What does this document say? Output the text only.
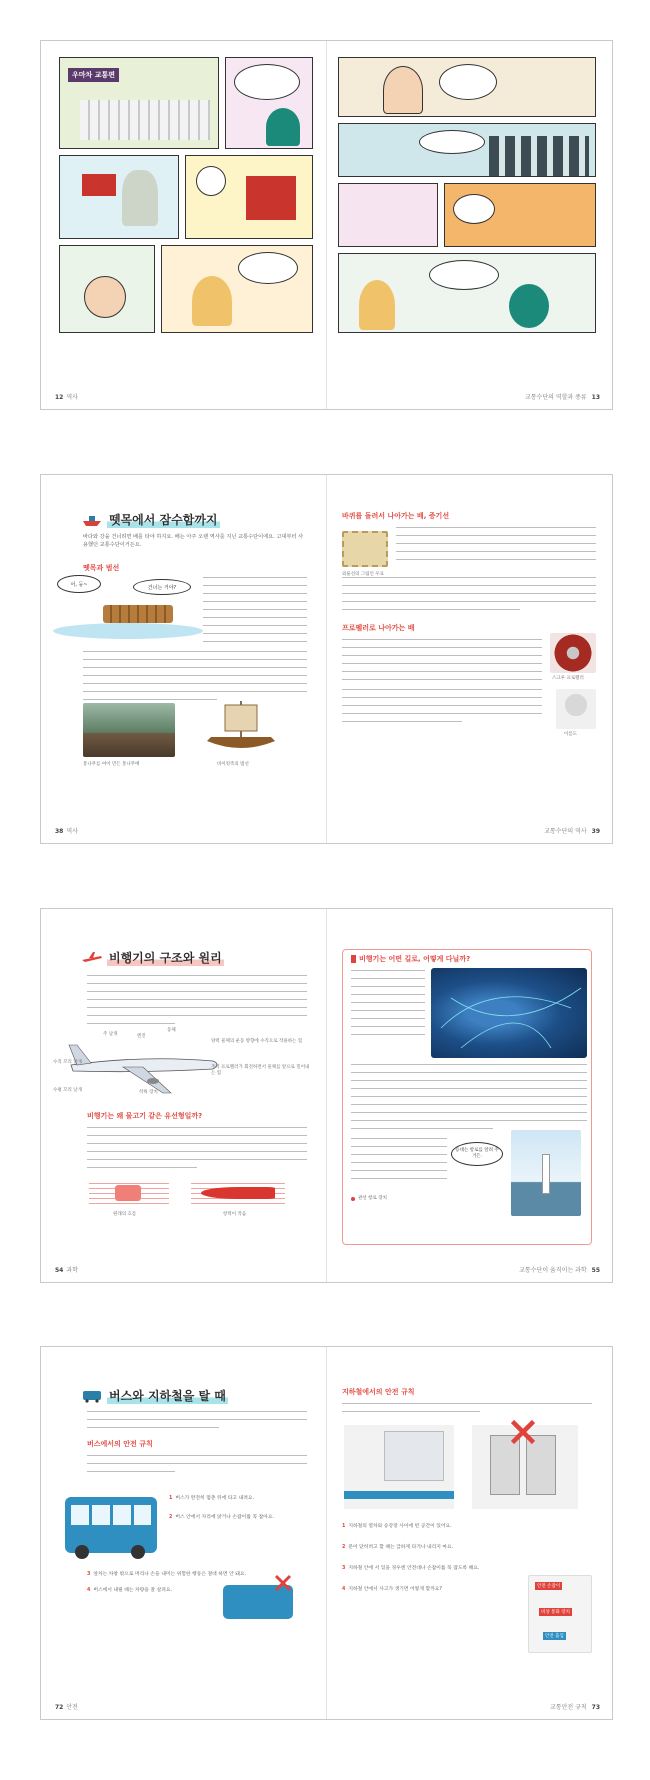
우마차 교통편
12 역사	교통수단의 역할과 종류 13
뗏목에서 잠수함까지
바다와 강을 건너려면 배를 타야 하지요. 배는 아주 오랜 역사를 지닌 교통수단이에요. 고대부터 사용했던 교통수단이거든요.
뗏목과 범선
어, 둥~	건너는 거야?
통나무를 여어 만든 통나무배	바이킹족의 범선
38 역사
바퀴를 돌려서 나아가는 배, 증기선
외륜선의 그림인 우표
프로펠러로 나아가는 배
스크루 프로펠러
이름도
교통수단의 역사 39
비행기의 구조와 원리
동체
주 날개	엔진
수직 꼬리 날개
수평 꼬리 날개	착륙 장치
양력 물체의 운동 방향에 수직으로 작용하는 힘
추력 프로펠러가 회전하면서 물체를 앞으로 밀어내는 힘
비행기는 왜 물고기 같은 유선형일까?
원래의 흐름	항력이 작음
54 과학
비행기는 어떤 길로, 어떻게 다닐까?
등대는 항로를 알려 주거든.
관선 항로 장치
교통수단이 움직이는 과학 55
버스와 지하철을 탈 때
버스에서의 안전 규칙
1 버스가 완전히 멈춘 뒤에 타고 내려요.
2 버스 안에서 자리에 앉거나 손잡이를 꼭 잡아요.
3 앞차는 차창 밖으로 머리나 손을 내미는 위험한 행동은 절대 하면 안 돼요.
4 버스에서 내릴 때는 차량을 잘 살펴요.
72 안전
지하철에서의 안전 규칙
1 지하철의 열차와 승강장 사이에 빈 공간이 있어요.
2 문이 닫히려고 할 때는 급하게 타거나 내리지 마요.
3 지하철 안에 서 있을 경우엔 안전대나 손잡이를 꼭 잡도록 해요.
4 지하철 안에서 사고가 생기면 어떻게 할까요?
안전 손잡이
비상 통화 장치
안전 출입
교통안전 규칙 73
